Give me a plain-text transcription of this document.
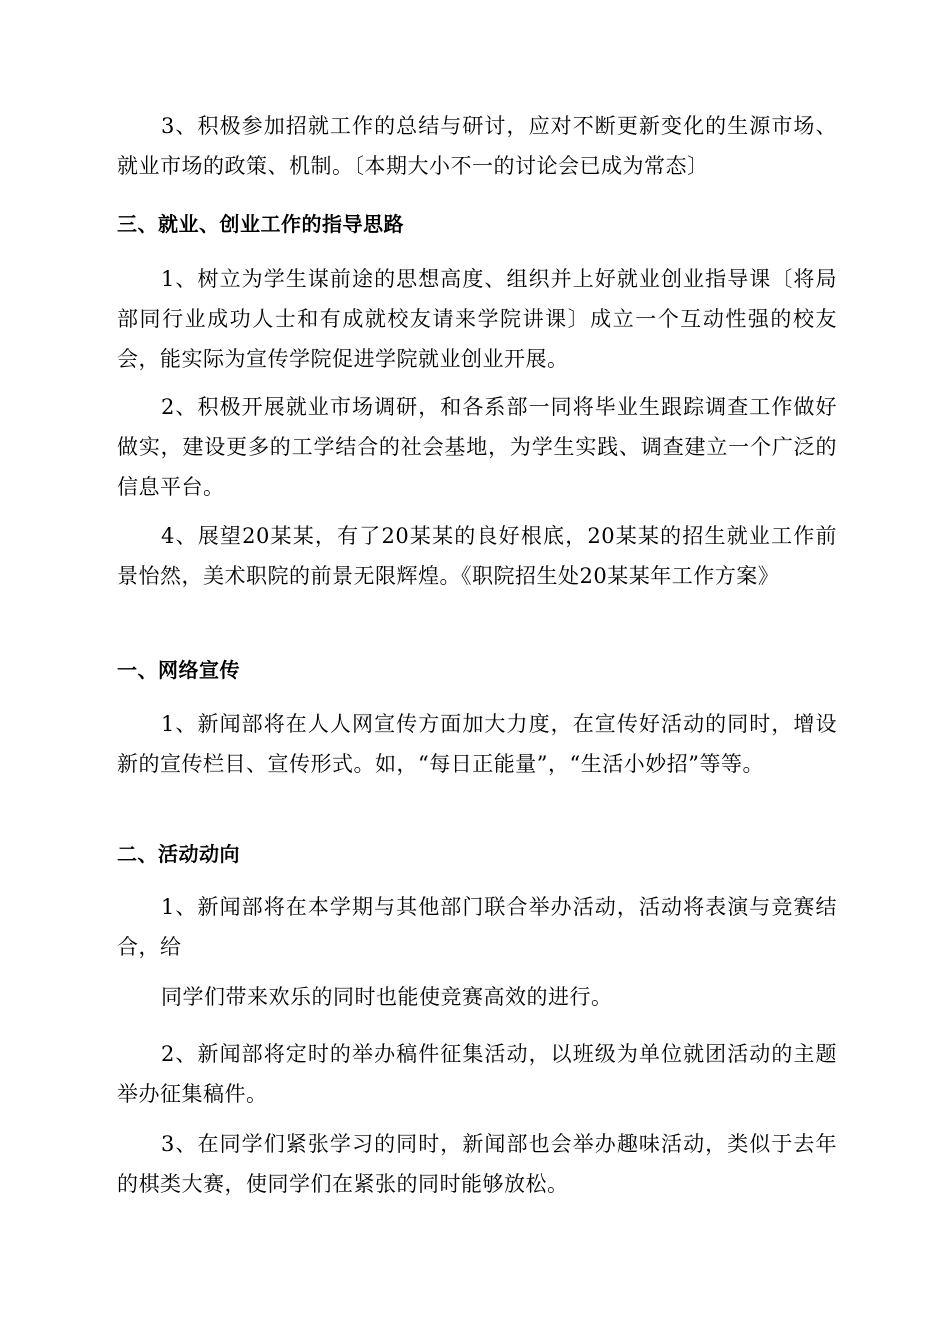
3、积极参加招就工作的总结与研讨，应对不断更新变化的生源市场、就业市场的政策、机制。〔本期大小不一的讨论会已成为常态〕

三、就业、创业工作的指导思路

1、树立为学生谋前途的思想高度、组织并上好就业创业指导课〔将局部同行业成功人士和有成就校友请来学院讲课〕成立一个互动性强的校友会，能实际为宣传学院促进学院就业创业开展。

2、积极开展就业市场调研，和各系部一同将毕业生跟踪调查工作做好做实，建设更多的工学结合的社会基地，为学生实践、调查建立一个广泛的信息平台。

4、展望20某某，有了20某某的良好根底，20某某的招生就业工作前景怡然，美术职院的前景无限辉煌。《职院招生处20某某年工作方案》

一、网络宣传

1、新闻部将在人人网宣传方面加大力度，在宣传好活动的同时，增设新的宣传栏目、宣传形式。如，“每日正能量”，“生活小妙招”等等。

二、活动动向

1、新闻部将在本学期与其他部门联合举办活动，活动将表演与竞赛结合，给

同学们带来欢乐的同时也能使竞赛高效的进行。

2、新闻部将定时的举办稿件征集活动，以班级为单位就团活动的主题举办征集稿件。

3、在同学们紧张学习的同时，新闻部也会举办趣味活动，类似于去年的棋类大赛，使同学们在紧张的同时能够放松。
